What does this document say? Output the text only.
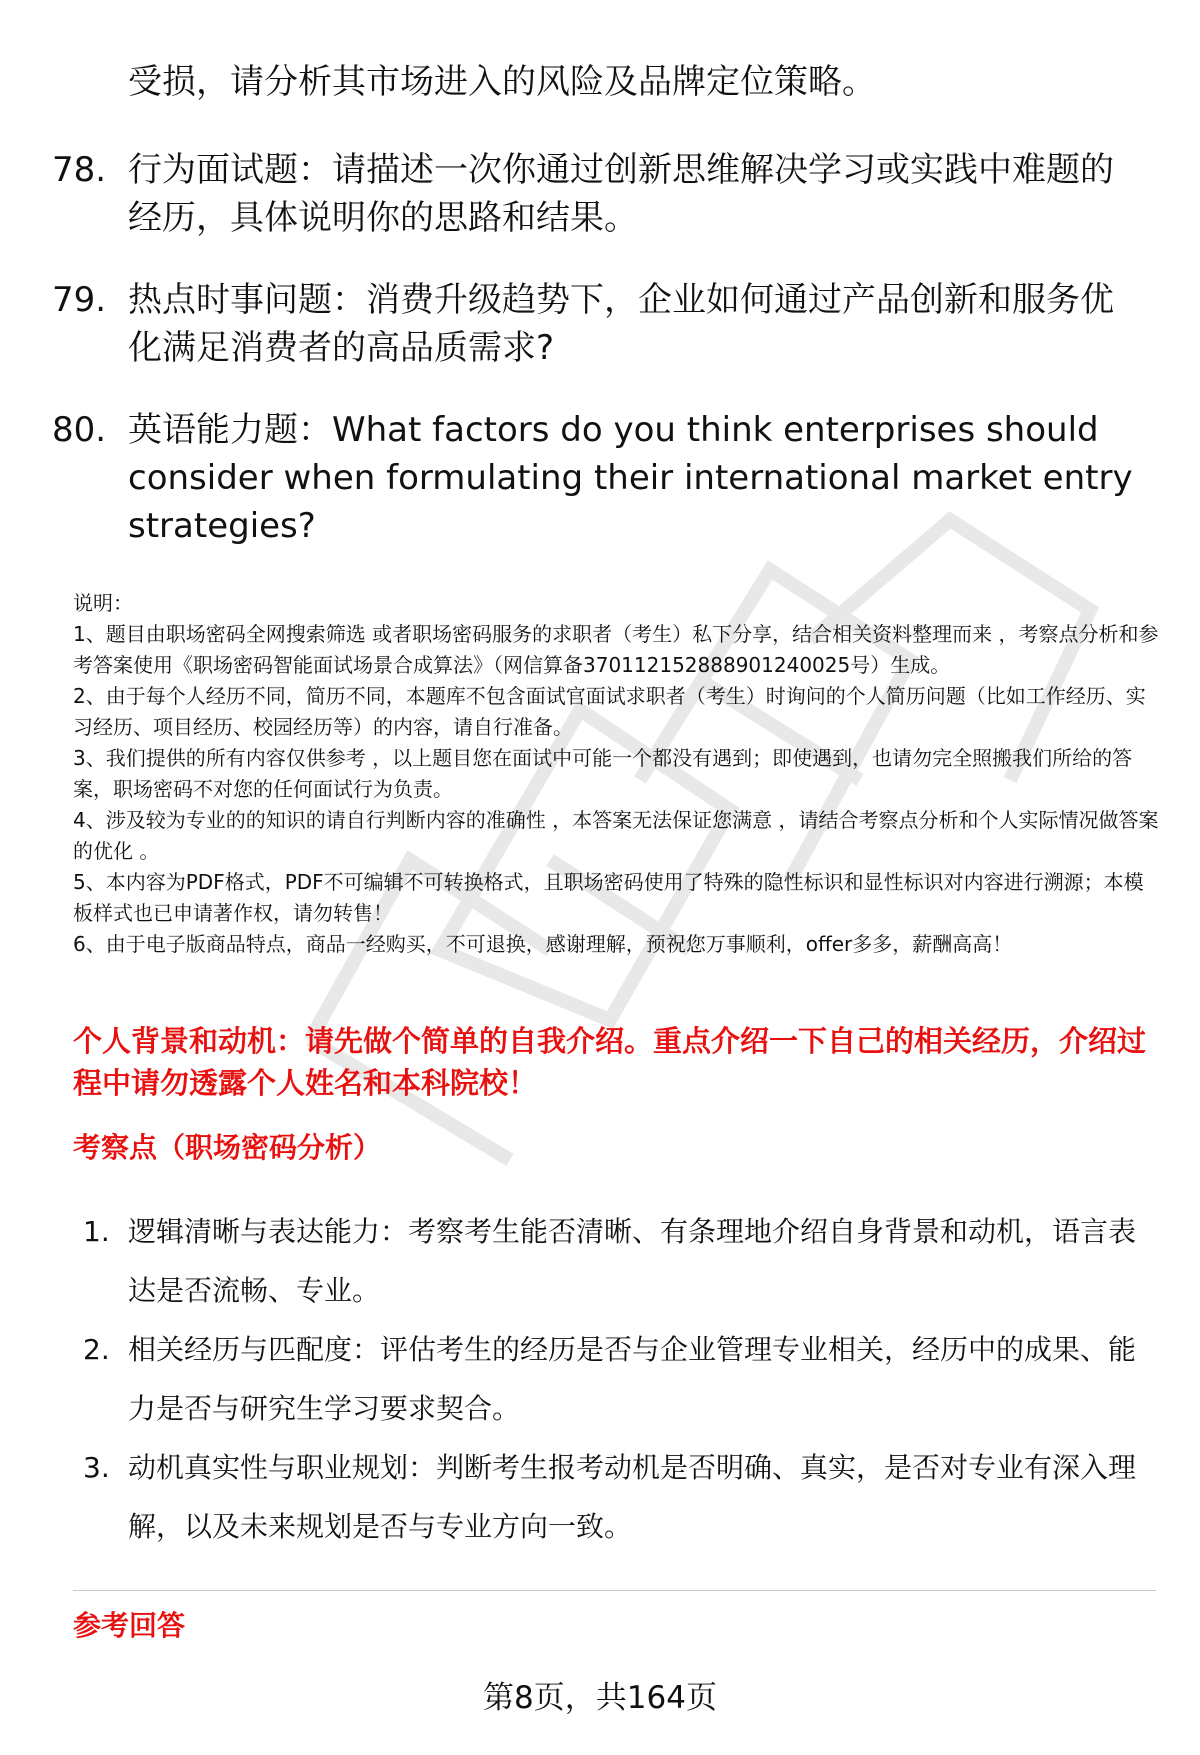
受损，请分析其市场进入的风险及品牌定位策略。

78. 行为面试题：请描述一次你通过创新思维解决学习或实践中难题的经历，具体说明你的思路和结果。
79. 热点时事问题：消费升级趋势下，企业如何通过产品创新和服务优化满足消费者的高品质需求?
80. 英语能力题：What factors do you think enterprises should consider when formulating their international market entry strategies?

说明：

1、题目由职场密码全网搜索筛选 或者职场密码服务的求职者（考生）私下分享，结合相关资料整理而来 ，考察点分析和参考答案使用《职场密码智能面试场景合成算法》（网信算备370112152888901240025号）生成。

2、由于每个人经历不同，简历不同，本题库不包含面试官面试求职者（考生）时询问的个人简历问题（比如工作经历、实习经历、项目经历、校园经历等）的内容，请自行准备。

3、我们提供的所有内容仅供参考 ，以上题目您在面试中可能一个都没有遇到；即使遇到，也请勿完全照搬我们所给的答案，职场密码不对您的任何面试行为负责。

4、涉及较为专业的的知识的请自行判断内容的准确性 ，本答案无法保证您满意 ，请结合考察点分析和个人实际情况做答案的优化 。

5、本内容为PDF格式，PDF不可编辑不可转换格式，且职场密码使用了特殊的隐性标识和显性标识对内容进行溯源；本模板样式也已申请著作权，请勿转售！

6、由于电子版商品特点，商品一经购买，不可退换，感谢理解，预祝您万事顺利，offer多多，薪酬高高！

个人背景和动机：请先做个简单的自我介绍。重点介绍一下自己的相关经历，介绍过程中请勿透露个人姓名和本科院校！

考察点（职场密码分析）

1. 逻辑清晰与表达能力：考察考生能否清晰、有条理地介绍自身背景和动机，语言表达是否流畅、专业。
2. 相关经历与匹配度：评估考生的经历是否与企业管理专业相关，经历中的成果、能力是否与研究生学习要求契合。
3. 动机真实性与职业规划：判断考生报考动机是否明确、真实，是否对专业有深入理解，以及未来规划是否与专业方向一致。

参考回答

第8页，共164页
